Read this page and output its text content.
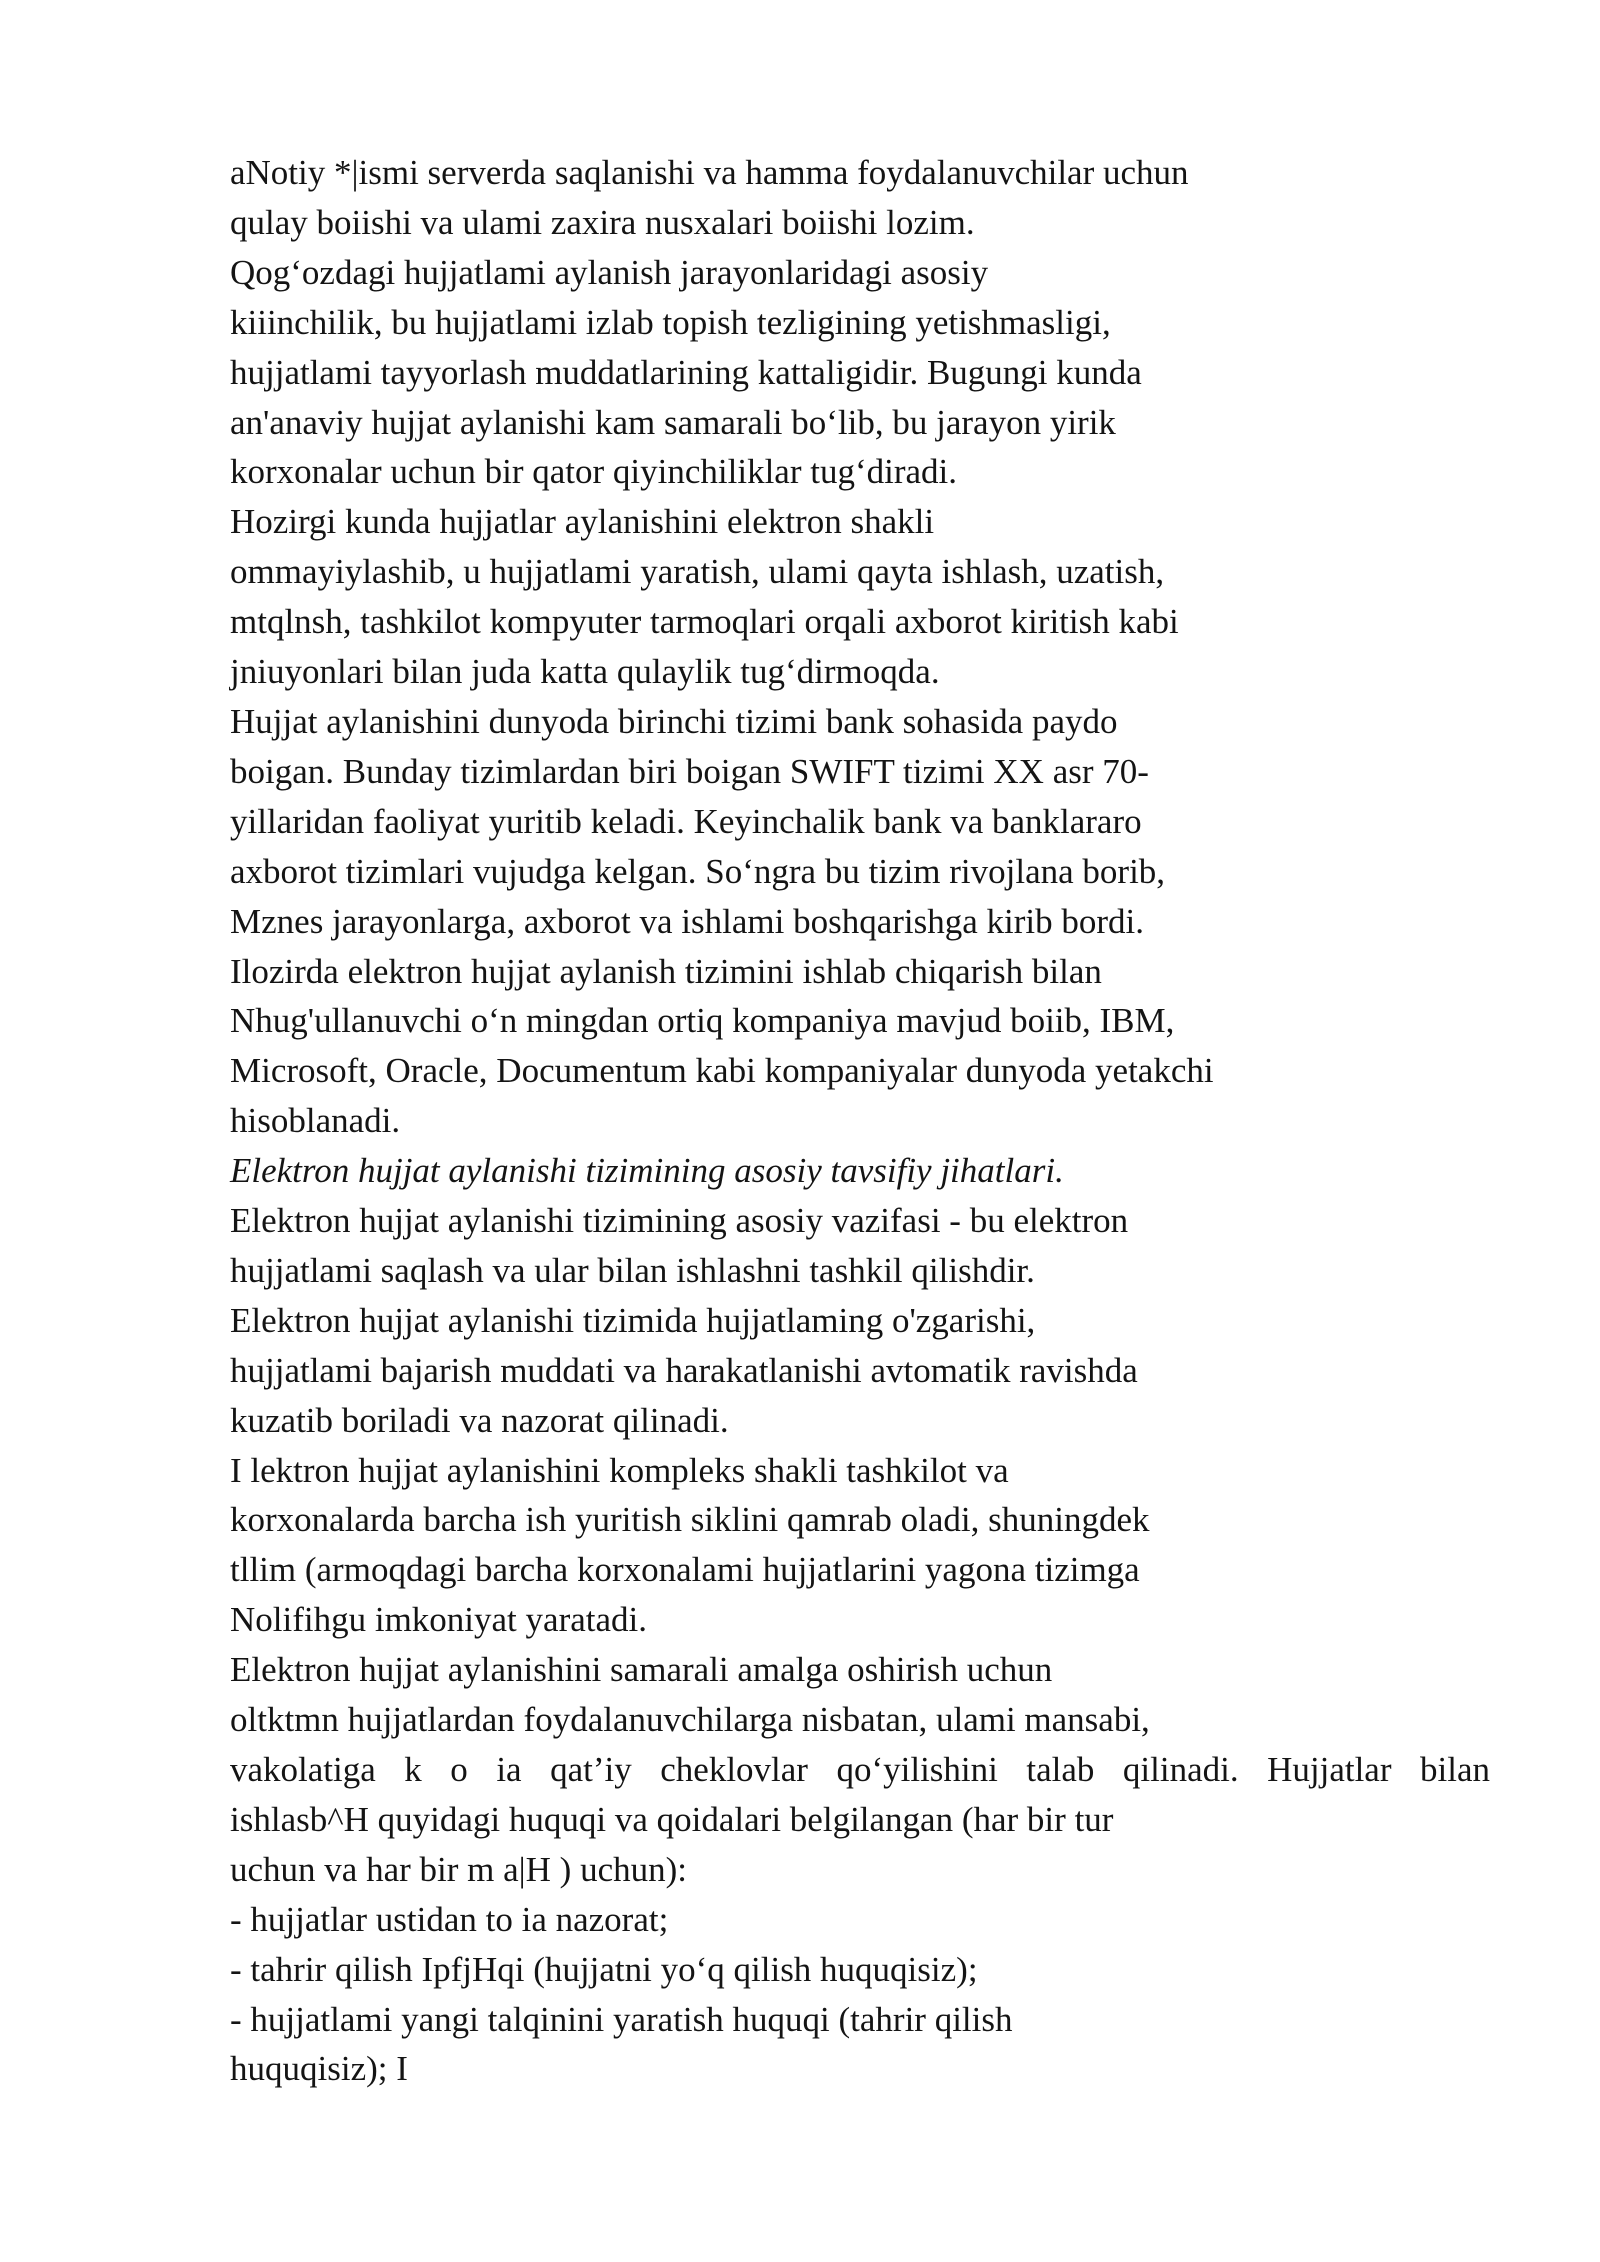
aNotiy *|ismi serverda saqlanishi va hamma foydalanuvchilar uchun

qulay boiishi va ulami zaxira nusxalari boiishi lozim.

Qog‘ozdagi hujjatlami aylanish jarayonlaridagi asosiy

kiiinchilik, bu hujjatlami izlab topish tezligining yetishmasligi,

hujjatlami tayyorlash muddatlarining kattaligidir. Bugungi kunda

an'anaviy hujjat aylanishi kam samarali bo‘lib, bu jarayon yirik

korxonalar uchun bir qator qiyinchiliklar tug‘diradi.

Hozirgi kunda hujjatlar aylanishini elektron shakli

ommayiylashib, u hujjatlami yaratish, ulami qayta ishlash, uzatish,

mtqlnsh, tashkilot kompyuter tarmoqlari orqali axborot kiritish kabi

jniuyonlari bilan juda katta qulaylik tug‘dirmoqda.

Hujjat aylanishini dunyoda birinchi tizimi bank sohasida paydo

boigan. Bunday tizimlardan biri boigan SWIFT tizimi XX asr 70-

yillaridan faoliyat yuritib keladi. Keyinchalik bank va banklararo

axborot tizimlari vujudga kelgan. So‘ngra bu tizim rivojlana borib,

Mznes jarayonlarga, axborot va ishlami boshqarishga kirib bordi.

Ilozirda elektron hujjat aylanish tizimini ishlab chiqarish bilan

Nhug'ullanuvchi o‘n mingdan ortiq kompaniya mavjud boiib, IBM,

Microsoft, Oracle, Documentum kabi kompaniyalar dunyoda yetakchi

hisoblanadi.

Elektron hujjat aylanishi tizimining asosiy tavsifiy jihatlari.

Elektron hujjat aylanishi tizimining asosiy vazifasi - bu elektron

hujjatlami saqlash va ular bilan ishlashni tashkil qilishdir.

Elektron hujjat aylanishi tizimida hujjatlaming o'zgarishi,

hujjatlami bajarish muddati va harakatlanishi avtomatik ravishda

kuzatib boriladi va nazorat qilinadi.

I lektron hujjat aylanishini kompleks shakli tashkilot va

korxonalarda barcha ish yuritish siklini qamrab oladi, shuningdek

tllim (armoqdagi barcha korxonalami hujjatlarini yagona tizimga

Nolifihgu imkoniyat yaratadi.

Elektron hujjat aylanishini samarali amalga oshirish uchun

oltktmn hujjatlardan foydalanuvchilarga nisbatan, ulami mansabi,

vakolatiga k o ia qat’iy cheklovlar qo‘yilishini talab qilinadi. Hujjatlar bilan

ishlasb^H quyidagi huquqi va qoidalari belgilangan (har bir tur

uchun va har bir m a|H ) uchun):

- hujjatlar ustidan to ia nazorat;

- tahrir qilish IpfjHqi (hujjatni yo‘q qilish huquqisiz);

- hujjatlami yangi talqinini yaratish huquqi (tahrir qilish

huquqisiz); I
